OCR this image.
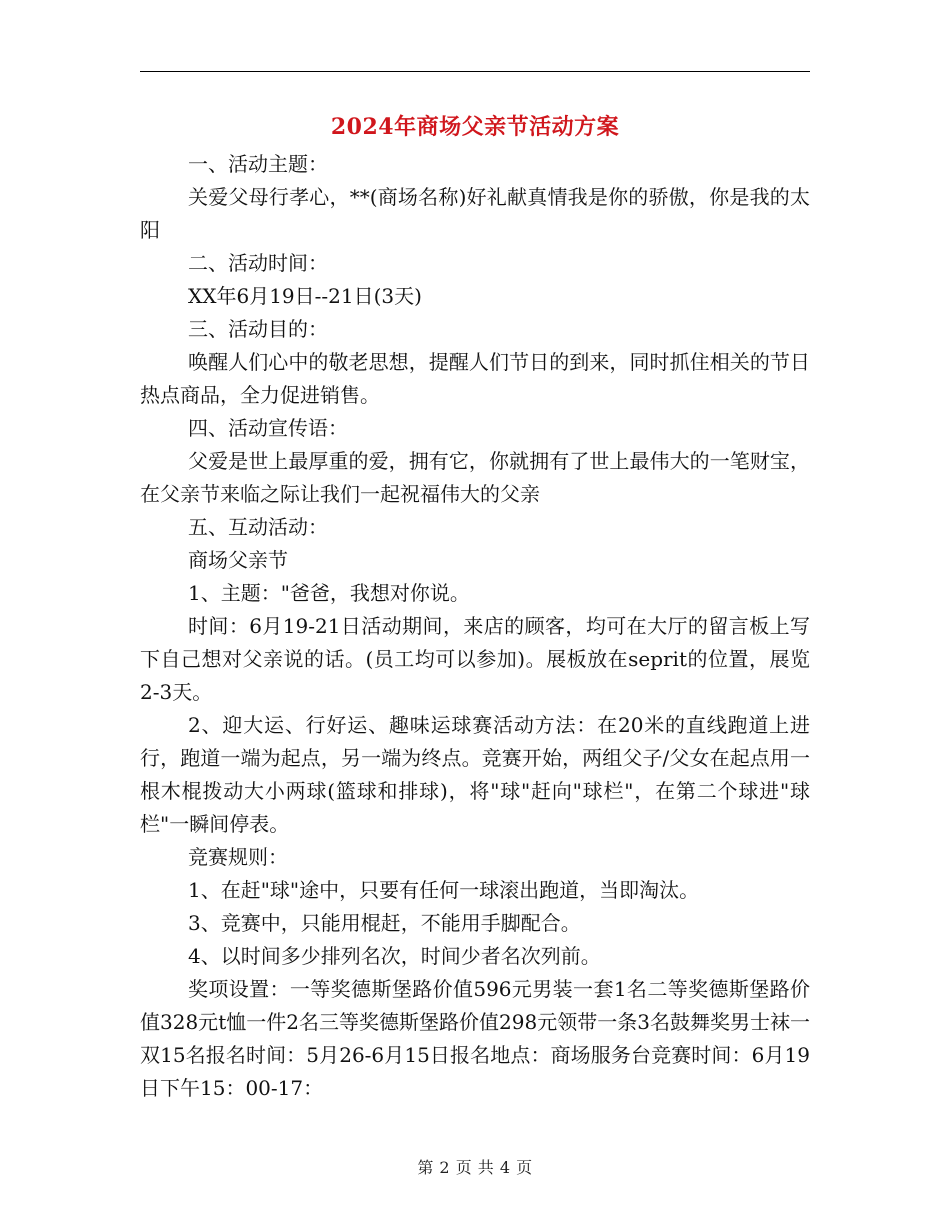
2024年商场父亲节活动方案

一、活动主题：

关爱父母行孝心，**(商场名称)好礼献真情我是你的骄傲，你是我的太阳

二、活动时间：

XX年6月19日--21日(3天)

三、活动目的：

唤醒人们心中的敬老思想，提醒人们节日的到来，同时抓住相关的节日热点商品，全力促进销售。

四、活动宣传语：

父爱是世上最厚重的爱，拥有它，你就拥有了世上最伟大的一笔财宝，在父亲节来临之际让我们一起祝福伟大的父亲

五、互动活动：

商场父亲节

1、主题："爸爸，我想对你说。

时间：6月19-21日活动期间，来店的顾客，均可在大厅的留言板上写下自己想对父亲说的话。(员工均可以参加)。展板放在seprit的位置，展览2-3天。

2、迎大运、行好运、趣味运球赛活动方法：在20米的直线跑道上进行，跑道一端为起点，另一端为终点。竞赛开始，两组父子/父女在起点用一根木棍拨动大小两球(篮球和排球)，将"球"赶向"球栏"，在第二个球进"球栏"一瞬间停表。

竞赛规则：

1、在赶"球"途中，只要有任何一球滚出跑道，当即淘汰。

3、竞赛中，只能用棍赶，不能用手脚配合。

4、以时间多少排列名次，时间少者名次列前。

奖项设置：一等奖德斯堡路价值596元男装一套1名二等奖德斯堡路价值328元t恤一件2名三等奖德斯堡路价值298元领带一条3名鼓舞奖男士袜一双15名报名时间：5月26-6月15日报名地点：商场服务台竞赛时间：6月19日下午15：00-17：

第 2 页 共 4 页
